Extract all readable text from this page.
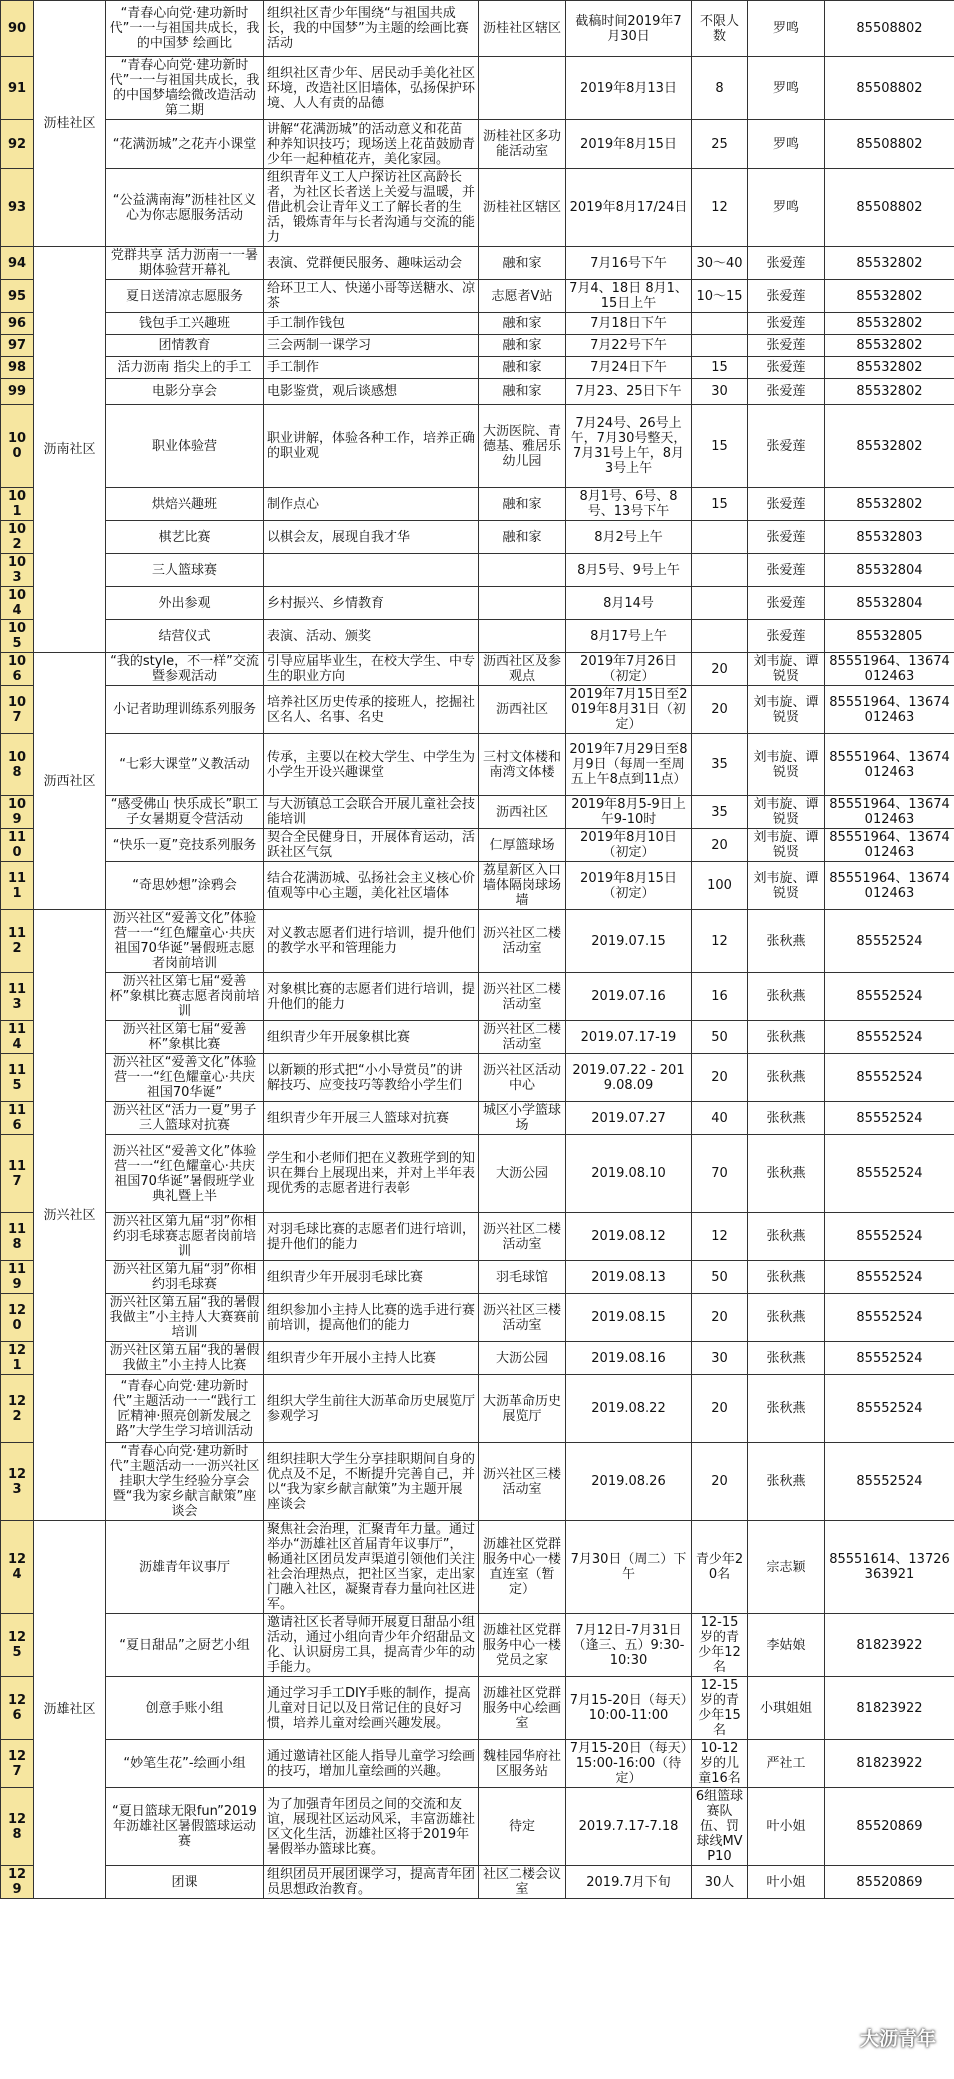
90	沥桂社区	“青春心向党·建功新时代”一一与祖国共成长，我的中国梦 绘画比	组织社区青少年围绕“与祖国共成长，我的中国梦”为主题的绘画比赛活动	沥桂社区辖区	截稿时间2019年7月30日	不限人数	罗鸣	85508802
91		“青春心向党·建功新时代”一一与祖国共成长，我的中国梦墙绘微改造活动第二期	组织社区青少年、居民动手美化社区环境，改造社区旧墙体，弘扬保护环境、人人有责的品德		2019年8月13日	8	罗鸣	85508802
92		“花满沥城”之花卉小课堂	讲解“花满沥城”的活动意义和花苗种养知识技巧；现场送上花苗鼓励青少年一起种植花卉，美化家园。	沥桂社区多功能活动室	2019年8月15日	25	罗鸣	85508802
93		“公益满南海”沥桂社区义心为你志愿服务活动	组织青年义工人户探访社区高龄长者，为社区长者送上关爱与温暖，并借此机会让青年义工了解长者的生活，锻炼青年与长者沟通与交流的能力	沥桂社区辖区	2019年8月17/24日	12	罗鸣	85508802
94	沥南社区	党群共享 活力沥南一一暑期体验营开幕礼	表演、党群便民服务、趣味运动会	融和家	7月16号下午	30～40	张爱莲	85532802
95		夏日送清凉志愿服务	给环卫工人、快递小哥等送糖水、凉茶	志愿者V站	7月4、18日 8月1、15日上午	10～15	张爱莲	85532802
96		钱包手工兴趣班	手工制作钱包	融和家	7月18日下午		张爱莲	85532802
97		团情教育	三会两制一课学习	融和家	7月22号下午		张爱莲	85532802
98		活力沥南 指尖上的手工	手工制作	融和家	7月24日下午	15	张爱莲	85532802
99		电影分享会	电影鉴赏，观后谈感想	融和家	7月23、25日下午	30	张爱莲	85532802
100		职业体验营	职业讲解，体验各种工作，培养正确的职业观	大沥医院、青德基、雅居乐幼儿园	7月24号、26号上午，7月30号整天，7月31号上午，8月3号上午	15	张爱莲	85532802
101		烘焙兴趣班	制作点心	融和家	8月1号、6号、8号、13号下午	15	张爱莲	85532802
102		棋艺比赛	以棋会友，展现自我才华	融和家	8月2号上午		张爱莲	85532803
103		三人篮球赛			8月5号、9号上午		张爱莲	85532804
104		外出参观	乡村振兴、乡情教育		8月14号		张爱莲	85532804
105		结营仪式	表演、活动、颁奖		8月17号上午		张爱莲	85532805
106	沥西社区	“我的style，不一样”交流暨参观活动	引导应届毕业生，在校大学生、中专生的职业方向	沥西社区及参观点	2019年7月26日（初定）	20	刘韦旋、谭锐贤	85551964、13674012463
107		小记者助理训练系列服务	培养社区历史传承的接班人，挖掘社区名人、名事、名史	沥西社区	2019年7月15日至2019年8月31日（初定）	20	刘韦旋、谭锐贤	85551964、13674012463
108		“七彩大课堂”义教活动	传承，主要以在校大学生、中学生为小学生开设兴趣课堂	三村文体楼和南湾文体楼	2019年7月29日至8月9日（每周一至周五上午8点到11点）	35	刘韦旋、谭锐贤	85551964、13674012463
109		“感受佛山 快乐成长”职工子女暑期夏令营活动	与大沥镇总工会联合开展儿童社会技能培训	沥西社区	2019年8月5-9日上午9-10时	35	刘韦旋、谭锐贤	85551964、13674012463
110		“快乐一夏”竞技系列服务	契合全民健身日，开展体育运动，活跃社区气氛	仁厚篮球场	2019年8月10日（初定）	20	刘韦旋、谭锐贤	85551964、13674012463
111		“奇思妙想”涂鸦会	结合花满沥城、弘扬社会主义核心价值观等中心主题，美化社区墙体	荔星新区入口墙体隔岗球场墙	2019年8月15日（初定）	100	刘韦旋、谭锐贤	85551964、13674012463
112	沥兴社区	沥兴社区“爱善文化”体验营一一“红色耀童心·共庆祖国70华诞”暑假班志愿者岗前培训	对义教志愿者们进行培训，提升他们的教学水平和管理能力	沥兴社区二楼活动室	2019.07.15	12	张秋燕	85552524
113		沥兴社区第七届“爱善杯”象棋比赛志愿者岗前培训	对象棋比赛的志愿者们进行培训，提升他们的能力	沥兴社区二楼活动室	2019.07.16	16	张秋燕	85552524
114		沥兴社区第七届“爱善杯”象棋比赛	组织青少年开展象棋比赛	沥兴社区二楼活动室	2019.07.17-19	50	张秋燕	85552524
115		沥兴社区“爱善文化”体验营一一“红色耀童心·共庆祖国70华诞”	以新颖的形式把“小小导赏员”的讲解技巧、应变技巧等教给小学生们	沥兴社区活动中心	2019.07.22 - 2019.08.09	20	张秋燕	85552524
116		沥兴社区“活力一夏”男子三人篮球对抗赛	组织青少年开展三人篮球对抗赛	城区小学篮球场	2019.07.27	40	张秋燕	85552524
117		沥兴社区“爱善文化”体验营一一“红色耀童心·共庆祖国70华诞”暑假班学业典礼暨上半	学生和小老师们把在义教班学到的知识在舞台上展现出来，并对上半年表现优秀的志愿者进行表彰	大沥公园	2019.08.10	70	张秋燕	85552524
118		沥兴社区第九届“羽”你相约羽毛球赛志愿者岗前培训	对羽毛球比赛的志愿者们进行培训，提升他们的能力	沥兴社区二楼活动室	2019.08.12	12	张秋燕	85552524
119		沥兴社区第九届“羽”你相约羽毛球赛	组织青少年开展羽毛球比赛	羽毛球馆	2019.08.13	50	张秋燕	85552524
120		沥兴社区第五届“我的暑假我做主”小主持人大赛赛前培训	组织参加小主持人比赛的选手进行赛前培训，提高他们的能力	沥兴社区三楼活动室	2019.08.15	20	张秋燕	85552524
121		沥兴社区第五届“我的暑假我做主”小主持人比赛	组织青少年开展小主持人比赛	大沥公园	2019.08.16	30	张秋燕	85552524
122		“青春心向党·建功新时代”主题活动一一“践行工匠精神·照亮创新发展之路”大学生学习培训活动	组织大学生前往大沥革命历史展览厅参观学习	大沥革命历史展览厅	2019.08.22	20	张秋燕	85552524
123		“青春心向党·建功新时代”主题活动一一沥兴社区挂职大学生经验分享会暨“我为家乡献言献策”座谈会	组织挂职大学生分享挂职期间自身的优点及不足，不断提升完善自己，并以“我为家乡献言献策”为主题开展座谈会	沥兴社区三楼活动室	2019.08.26	20	张秋燕	85552524
124	沥雄社区	沥雄青年议事厅	聚焦社会治理，汇聚青年力量。通过举办“沥雄社区首届青年议事厅”，畅通社区团员发声渠道引领他们关注社会治理热点，把社区当家，走出家门融入社区，凝聚青春力量向社区进军。	沥雄社区党群服务中心一楼直连室（暂定）	7月30日（周二）下午	青少年20名	宗志颖	85551614、13726363921
125		“夏日甜品”之厨艺小组	邀请社区长者导师开展夏日甜品小组活动，通过小组向青少年介绍甜品文化、认识厨房工具，提高青少年的动手能力。	沥雄社区党群服务中心一楼党员之家	7月12日-7月31日（逢三、五）9:30-10:30	12-15岁的青少年12名	李姑娘	81823922
126		创意手账小组	通过学习手工DIY手账的制作，提高儿童对日记以及日常记住的良好习惯，培养儿童对绘画兴趣发展。	沥雄社区党群服务中心绘画室	7月15-20日（每天）10:00-11:00	12-15岁的青少年15名	小琪姐姐	81823922
127		“妙笔生花”-绘画小组	通过邀请社区能人指导儿童学习绘画的技巧，增加儿童绘画的兴趣。	魏桂园华府社区服务站	7月15-20日（每天）15:00-16:00（待定）	10-12岁的儿童16名	严社工	81823922
128		“夏日篮球无限fun”2019年沥雄社区暑假篮球运动赛	为了加强青年团员之间的交流和友谊，展现社区运动风采，丰富沥雄社区文化生活，沥雄社区将于2019年暑假举办篮球比赛。	待定	2019.7.17-7.18	6组篮球赛队伍、罚球线MVP10	叶小姐	85520869
129		团课	组织团员开展团课学习，提高青年团员思想政治教育。	社区二楼会议室	2019.7月下旬	30人	叶小姐	85520869
大沥青年
